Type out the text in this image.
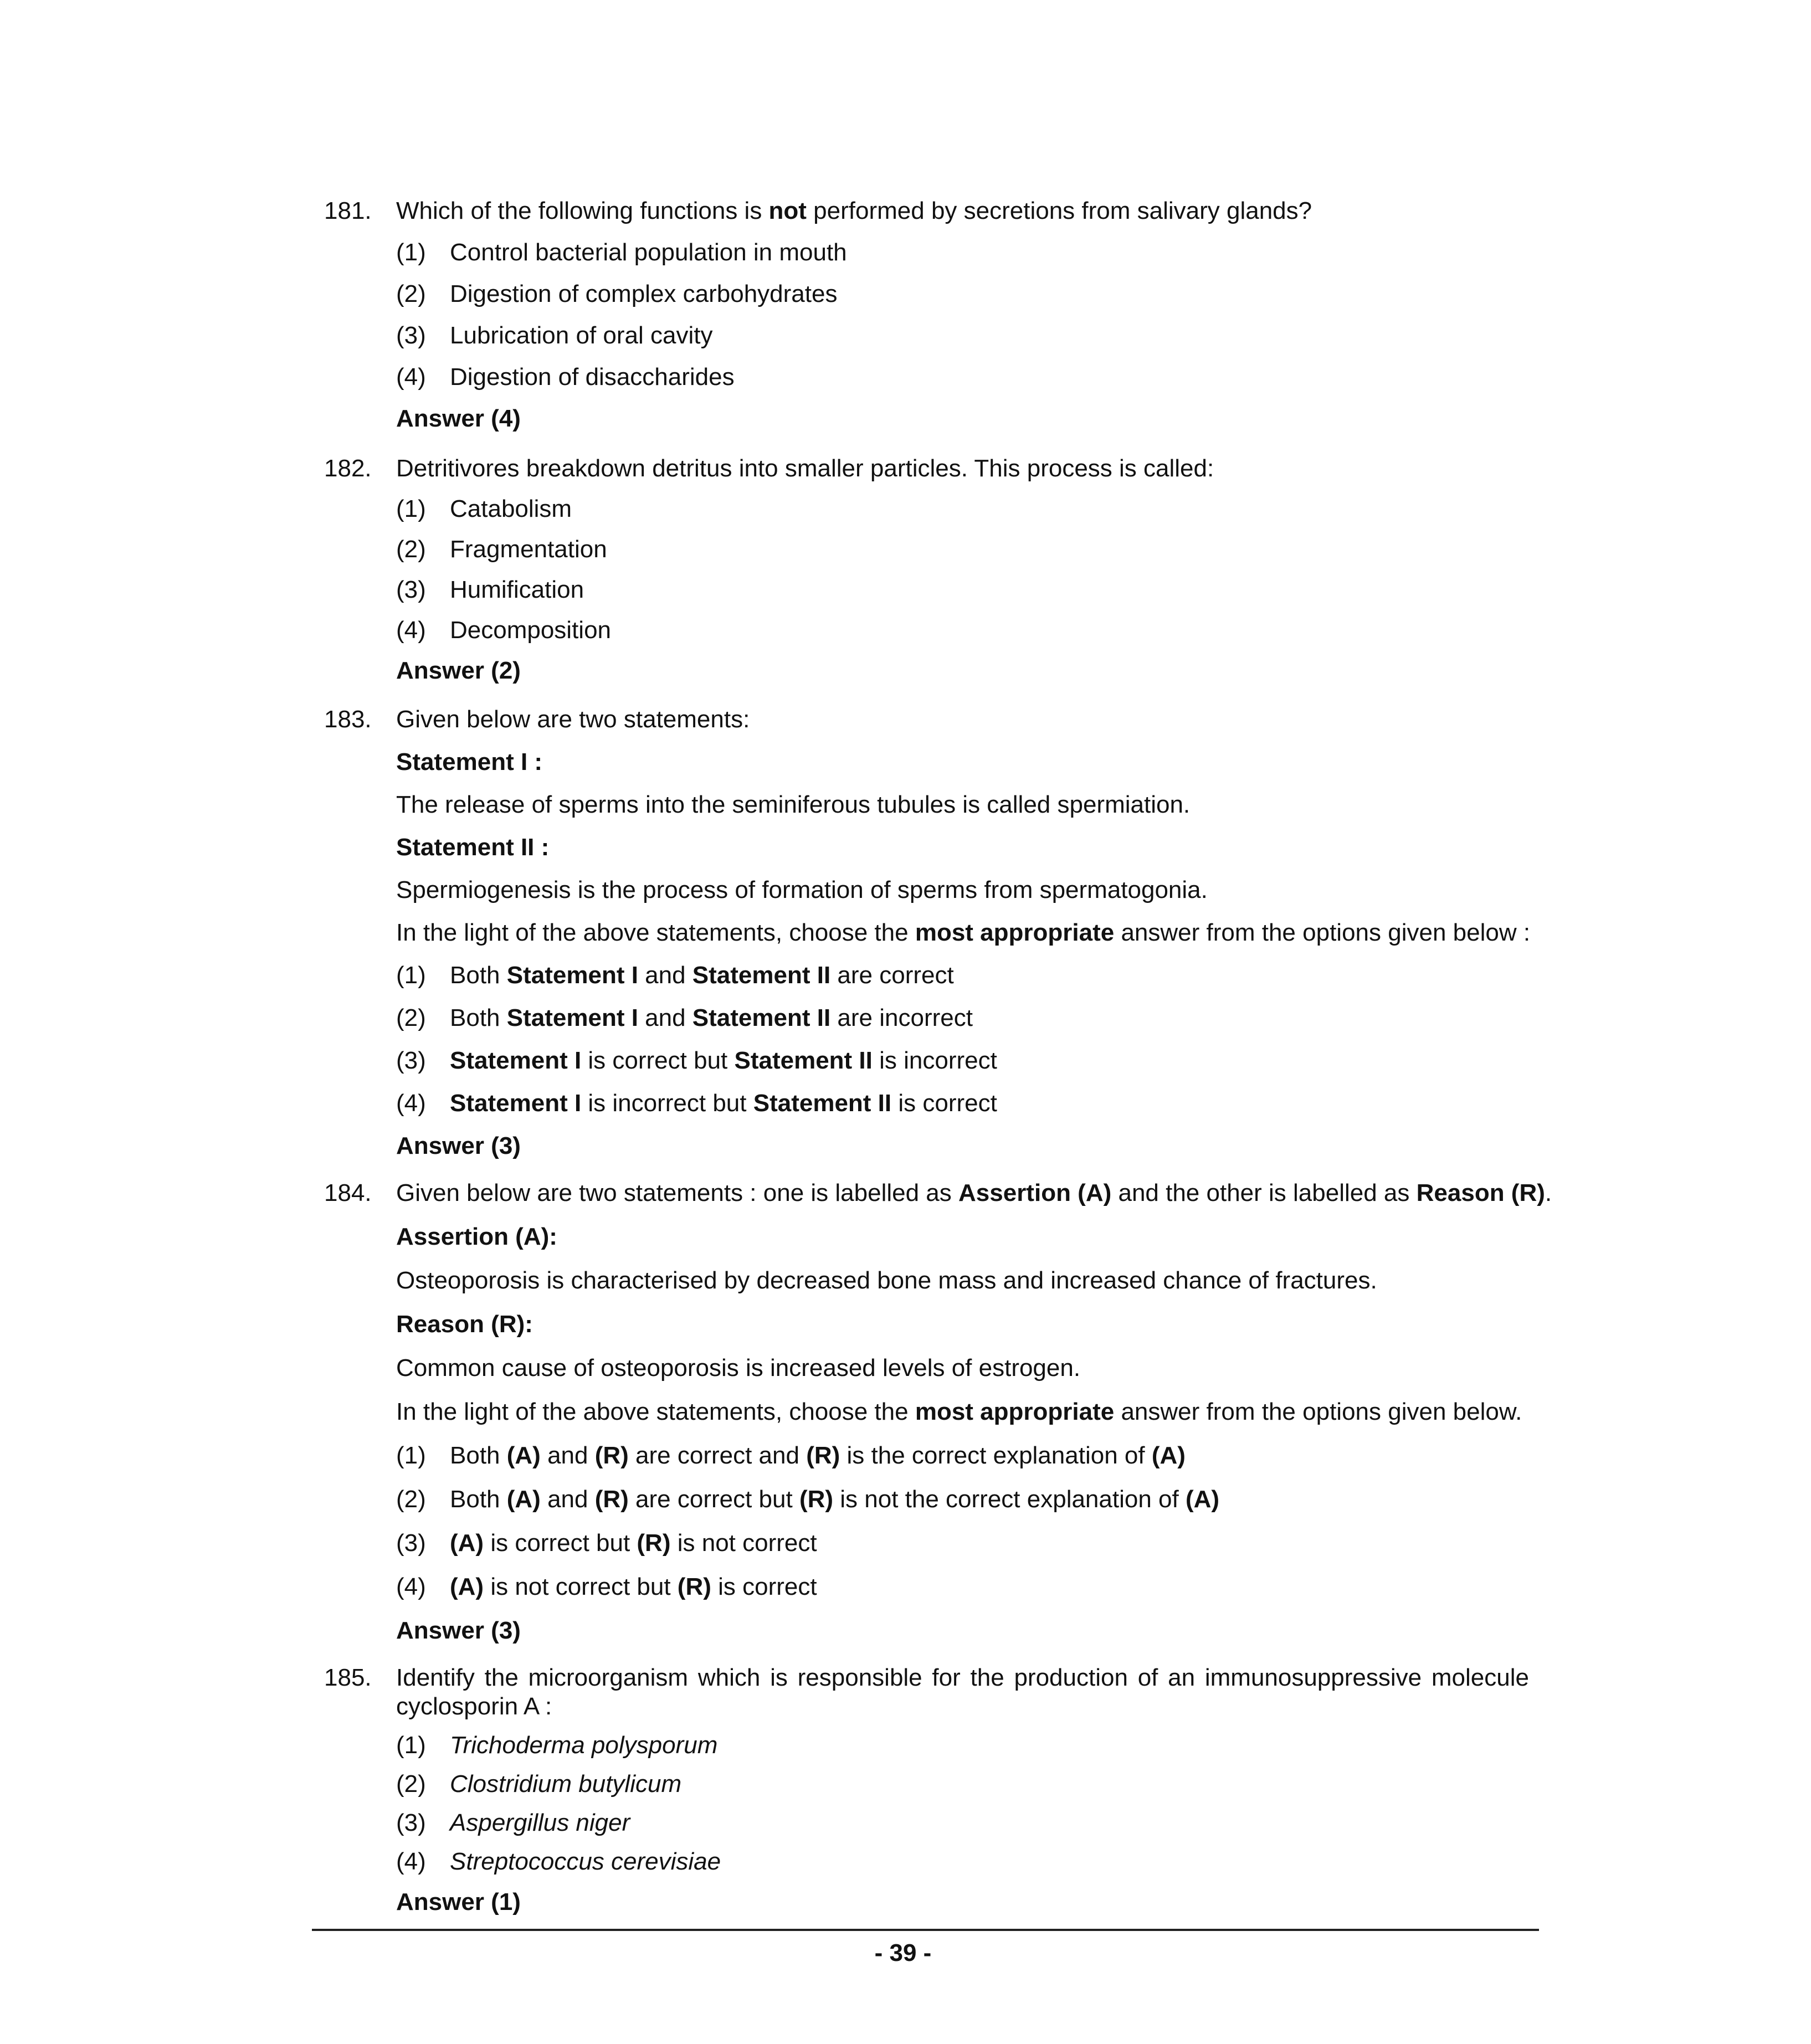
181. Which of the following functions is not performed by secretions from salivary glands?
(1) Control bacterial population in mouth
(2) Digestion of complex carbohydrates
(3) Lubrication of oral cavity
(4) Digestion of disaccharides
Answer (4)
182. Detritivores breakdown detritus into smaller particles. This process is called:
(1) Catabolism
(2) Fragmentation
(3) Humification
(4) Decomposition
Answer (2)
183. Given below are two statements:
Statement I :
The release of sperms into the seminiferous tubules is called spermiation.
Statement II :
Spermiogenesis is the process of formation of sperms from spermatogonia.
In the light of the above statements, choose the most appropriate answer from the options given below :
(1) Both Statement I and Statement II are correct
(2) Both Statement I and Statement II are incorrect
(3) Statement I is correct but Statement II is incorrect
(4) Statement I is incorrect but Statement II is correct
Answer (3)
184. Given below are two statements : one is labelled as Assertion (A) and the other is labelled as Reason (R).
Assertion (A):
Osteoporosis is characterised by decreased bone mass and increased chance of fractures.
Reason (R):
Common cause of osteoporosis is increased levels of estrogen.
In the light of the above statements, choose the most appropriate answer from the options given below.
(1) Both (A) and (R) are correct and (R) is the correct explanation of (A)
(2) Both (A) and (R) are correct but (R) is not the correct explanation of (A)
(3) (A) is correct but (R) is not correct
(4) (A) is not correct but (R) is correct
Answer (3)
185. Identify the microorganism which is responsible for the production of an immunosuppressive molecule cyclosporin A :
(1) Trichoderma polysporum
(2) Clostridium butylicum
(3) Aspergillus niger
(4) Streptococcus cerevisiae
Answer (1)
- 39 -
